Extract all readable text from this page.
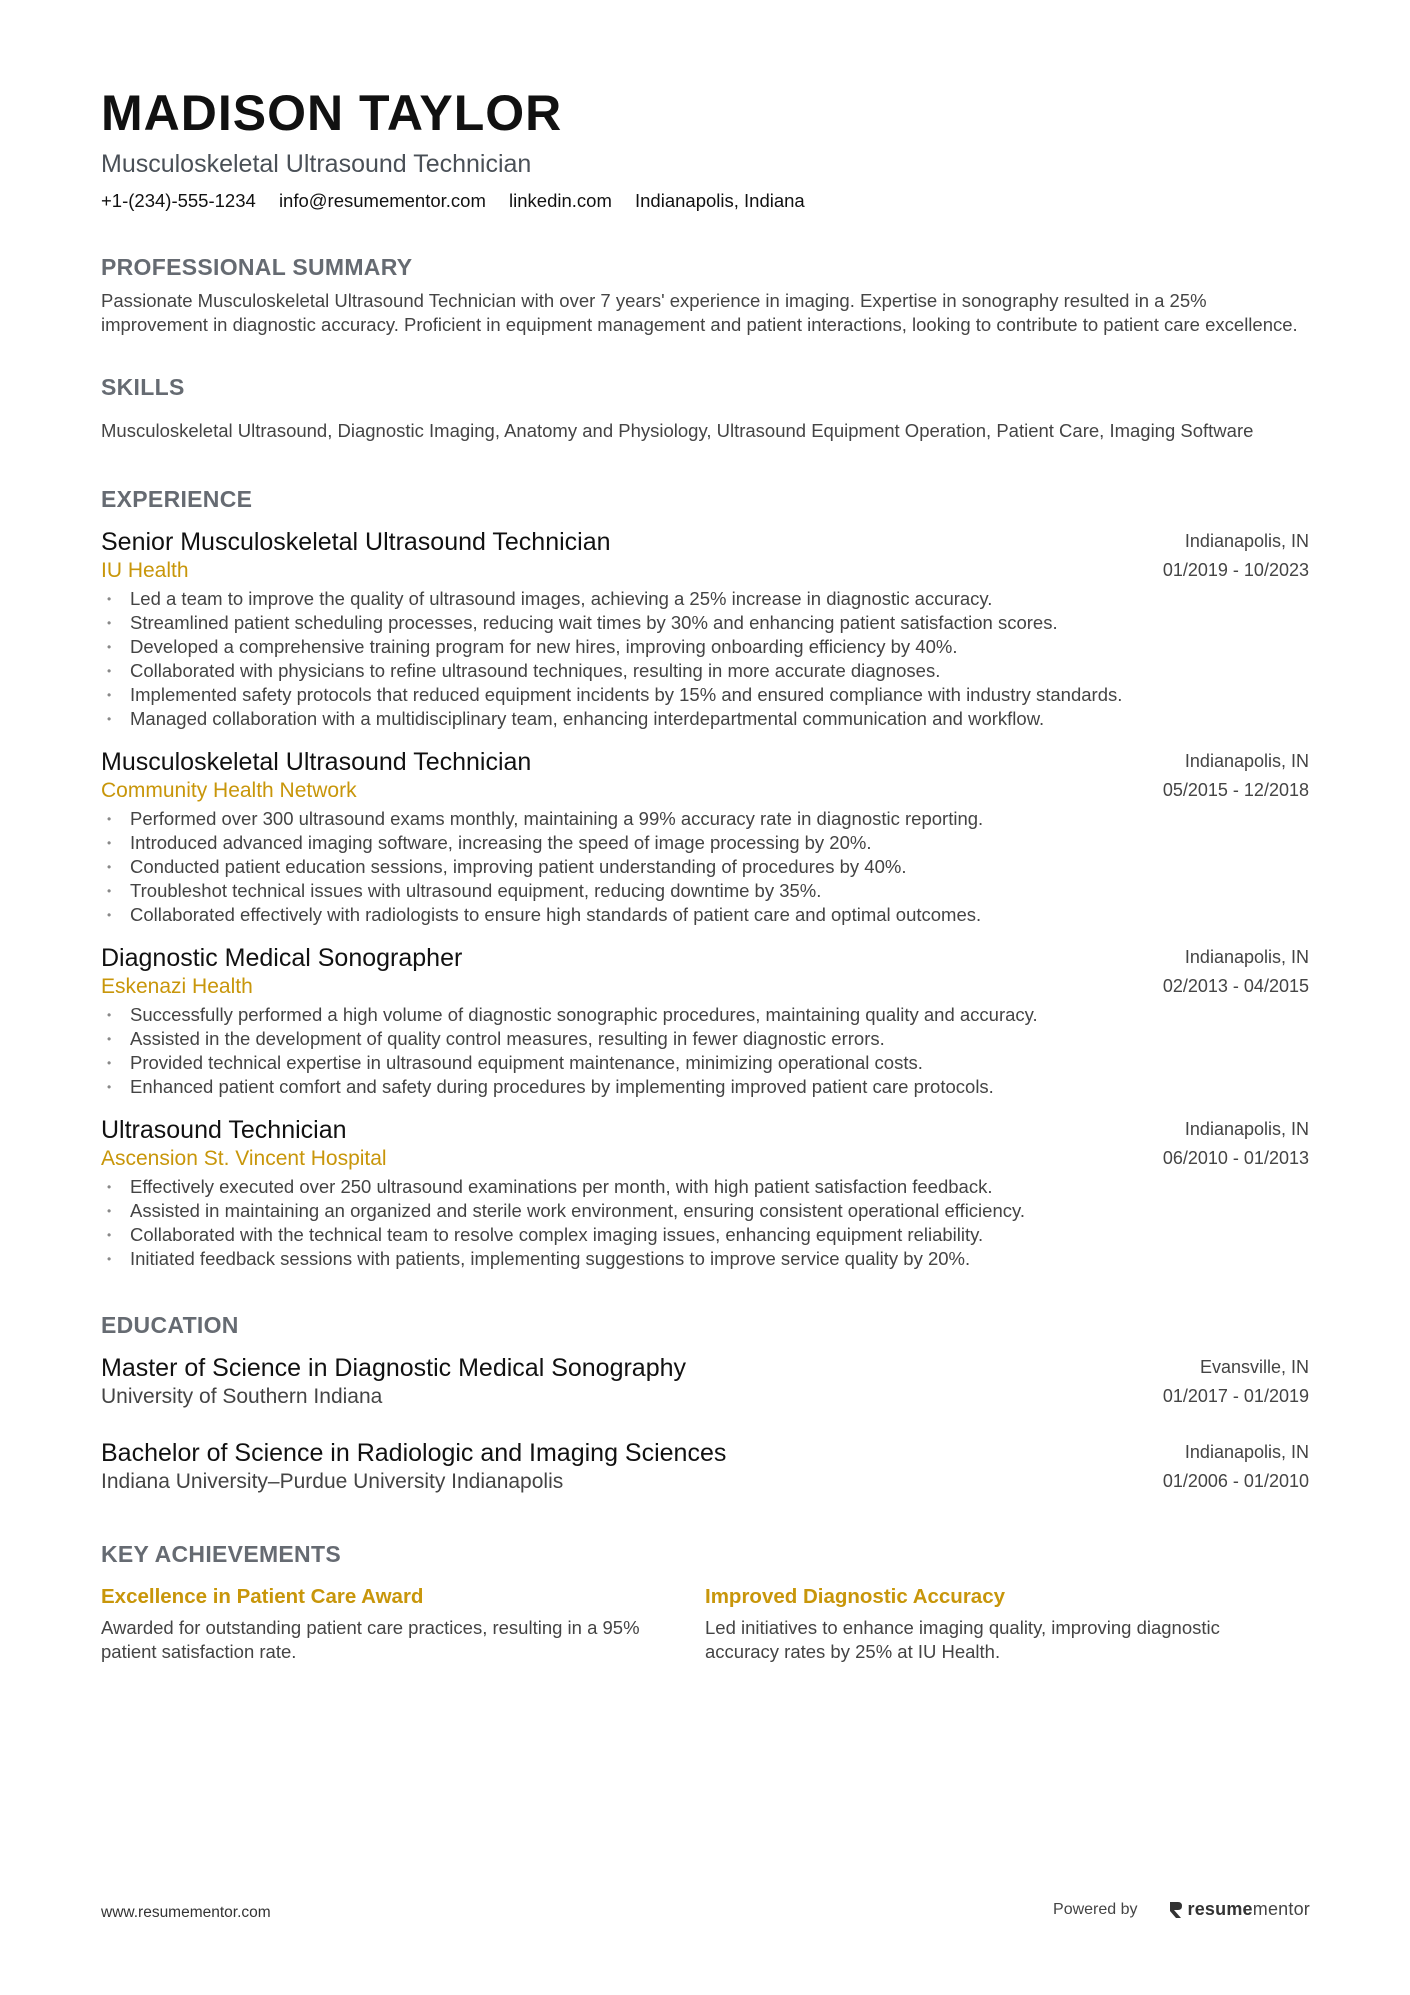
MADISON TAYLOR
Musculoskeletal Ultrasound Technician
+1-(234)-555-1234 info@resumementor.com linkedin.com Indianapolis, Indiana
PROFESSIONAL SUMMARY
Passionate Musculoskeletal Ultrasound Technician with over 7 years' experience in imaging. Expertise in sonography resulted in a 25% improvement in diagnostic accuracy. Proficient in equipment management and patient interactions, looking to contribute to patient care excellence.
SKILLS
Musculoskeletal Ultrasound, Diagnostic Imaging, Anatomy and Physiology, Ultrasound Equipment Operation, Patient Care, Imaging Software
EXPERIENCE
Senior Musculoskeletal Ultrasound Technician
IU Health
Indianapolis, IN
01/2019 - 10/2023
• Led a team to improve the quality of ultrasound images, achieving a 25% increase in diagnostic accuracy.
• Streamlined patient scheduling processes, reducing wait times by 30% and enhancing patient satisfaction scores.
• Developed a comprehensive training program for new hires, improving onboarding efficiency by 40%.
• Collaborated with physicians to refine ultrasound techniques, resulting in more accurate diagnoses.
• Implemented safety protocols that reduced equipment incidents by 15% and ensured compliance with industry standards.
• Managed collaboration with a multidisciplinary team, enhancing interdepartmental communication and workflow.
Musculoskeletal Ultrasound Technician
Community Health Network
Indianapolis, IN
05/2015 - 12/2018
• Performed over 300 ultrasound exams monthly, maintaining a 99% accuracy rate in diagnostic reporting.
• Introduced advanced imaging software, increasing the speed of image processing by 20%.
• Conducted patient education sessions, improving patient understanding of procedures by 40%.
• Troubleshot technical issues with ultrasound equipment, reducing downtime by 35%.
• Collaborated effectively with radiologists to ensure high standards of patient care and optimal outcomes.
Diagnostic Medical Sonographer
Eskenazi Health
Indianapolis, IN
02/2013 - 04/2015
• Successfully performed a high volume of diagnostic sonographic procedures, maintaining quality and accuracy.
• Assisted in the development of quality control measures, resulting in fewer diagnostic errors.
• Provided technical expertise in ultrasound equipment maintenance, minimizing operational costs.
• Enhanced patient comfort and safety during procedures by implementing improved patient care protocols.
Ultrasound Technician
Ascension St. Vincent Hospital
Indianapolis, IN
06/2010 - 01/2013
• Effectively executed over 250 ultrasound examinations per month, with high patient satisfaction feedback.
• Assisted in maintaining an organized and sterile work environment, ensuring consistent operational efficiency.
• Collaborated with the technical team to resolve complex imaging issues, enhancing equipment reliability.
• Initiated feedback sessions with patients, implementing suggestions to improve service quality by 20%.
EDUCATION
Master of Science in Diagnostic Medical Sonography
University of Southern Indiana
Evansville, IN
01/2017 - 01/2019
Bachelor of Science in Radiologic and Imaging Sciences
Indiana University–Purdue University Indianapolis
Indianapolis, IN
01/2006 - 01/2010
KEY ACHIEVEMENTS
Excellence in Patient Care Award
Awarded for outstanding patient care practices, resulting in a 95% patient satisfaction rate.
Improved Diagnostic Accuracy
Led initiatives to enhance imaging quality, improving diagnostic accuracy rates by 25% at IU Health.
www.resumementor.com	Powered by	resumementor
